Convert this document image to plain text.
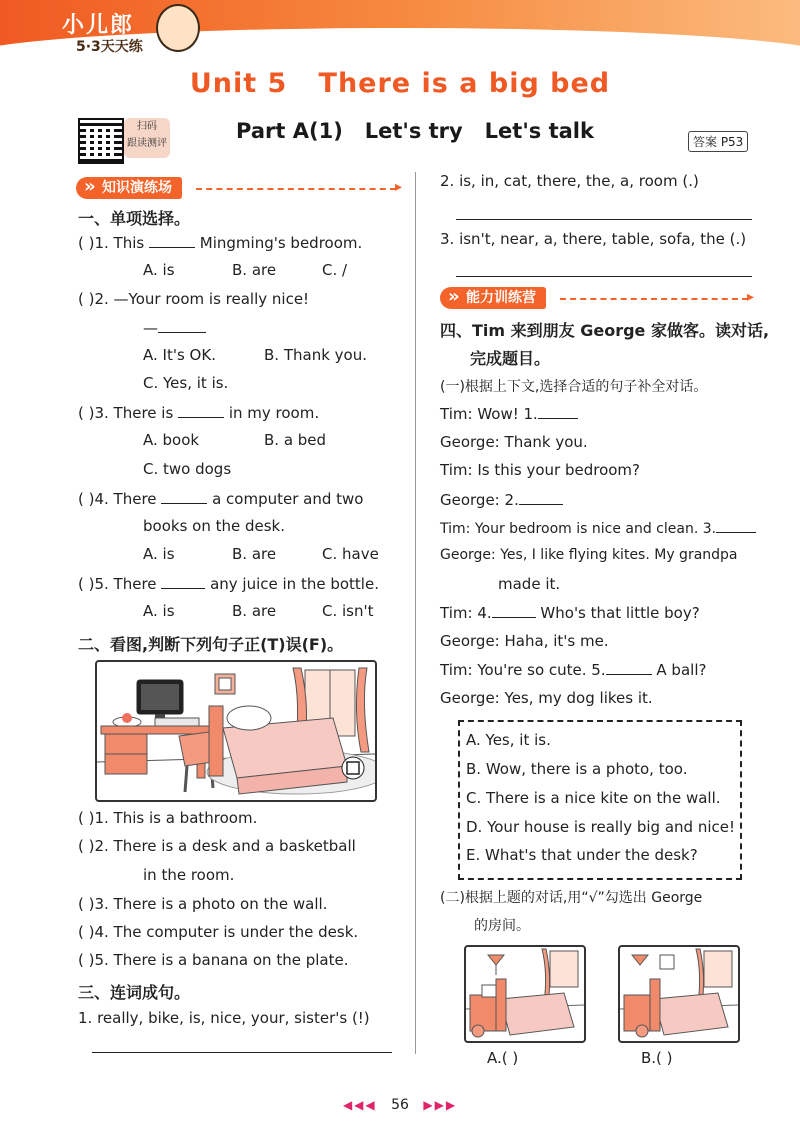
小儿郎
5·3天天练
Unit 5   There is a big bed
扫码
跟读测评
Part A(1)   Let's try   Let's talk	答案 P53
» 知识演练场
▸
一、单项选择。
( )1. This	Mingming's bedroom.
A. is	B. are	C. /
( )2. —Your room is really nice!
—
A. It's OK.	B. Thank you.
C. Yes, it is.
( )3. There is	in my room.
A. book	B. a bed
C. two dogs
( )4. There	a computer and two
books on the desk.
A. is	B. are	C. have
( )5. There	any juice in the bottle.
A. is	B. are	C. isn't
二、看图,判断下列句子正(T)误(F)。
( )1. This is a bathroom.
( )2. There is a desk and a basketball
in the room.
( )3. There is a photo on the wall.
( )4. The computer is under the desk.
( )5. There is a banana on the plate.
三、连词成句。
1. really, bike, is, nice, your, sister's (!)
2. is, in, cat, there, the, a, room (.)
3. isn't, near, a, there, table, sofa, the (.)
» 能力训练营
▸
四、Tim 来到朋友 George 家做客。读对话,
完成题目。
(一)根据上下文,选择合适的句子补全对话。
Tim: Wow! 1.
George: Thank you.
Tim: Is this your bedroom?
George: 2.
Tim: Your bedroom is nice and clean. 3.
George: Yes, I like flying kites. My grandpa
made it.
Tim: 4.	Who's that little boy?
George: Haha, it's me.
Tim: You're so cute. 5.	A ball?
George: Yes, my dog likes it.
A. Yes, it is.
B. Wow, there is a photo, too.
C. There is a nice kite on the wall.
D. Your house is really big and nice!
E. What's that under the desk?
(二)根据上题的对话,用“√”勾选出 George
的房间。
A.( )	B.( )
◀◀◀ 56 ▶▶▶
